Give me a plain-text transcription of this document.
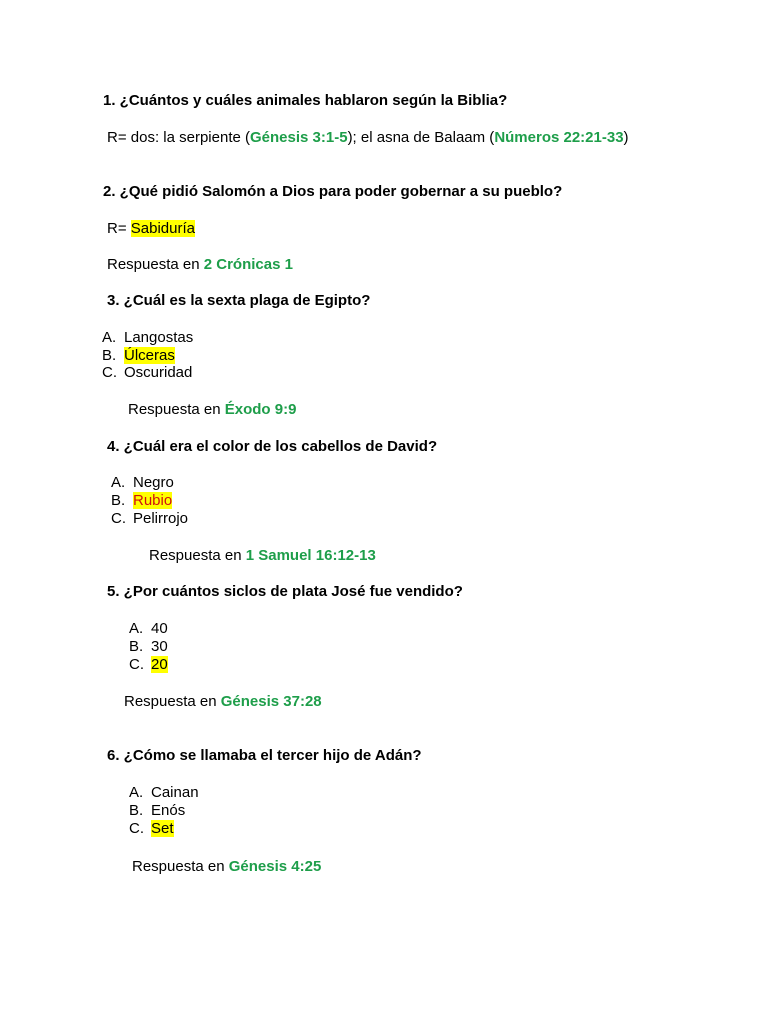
1. ¿Cuántos y cuáles animales hablaron según la Biblia?
R= dos: la serpiente (Génesis 3:1-5); el asna de Balaam (Números 22:21-33)
2. ¿Qué pidió Salomón a Dios para poder gobernar a su pueblo?
R= Sabiduría
Respuesta en 2 Crónicas 1
3. ¿Cuál es la sexta plaga de Egipto?
A. Langostas
B. Úlceras
C. Oscuridad
Respuesta en Éxodo 9:9
4. ¿Cuál era el color de los cabellos de David?
A. Negro
B. Rubio
C. Pelirrojo
Respuesta en 1 Samuel 16:12-13
5. ¿Por cuántos siclos de plata José fue vendido?
A. 40
B. 30
C. 20
Respuesta en Génesis 37:28
6. ¿Cómo se llamaba el tercer hijo de Adán?
A. Cainan
B. Enós
C. Set
Respuesta en Génesis 4:25
